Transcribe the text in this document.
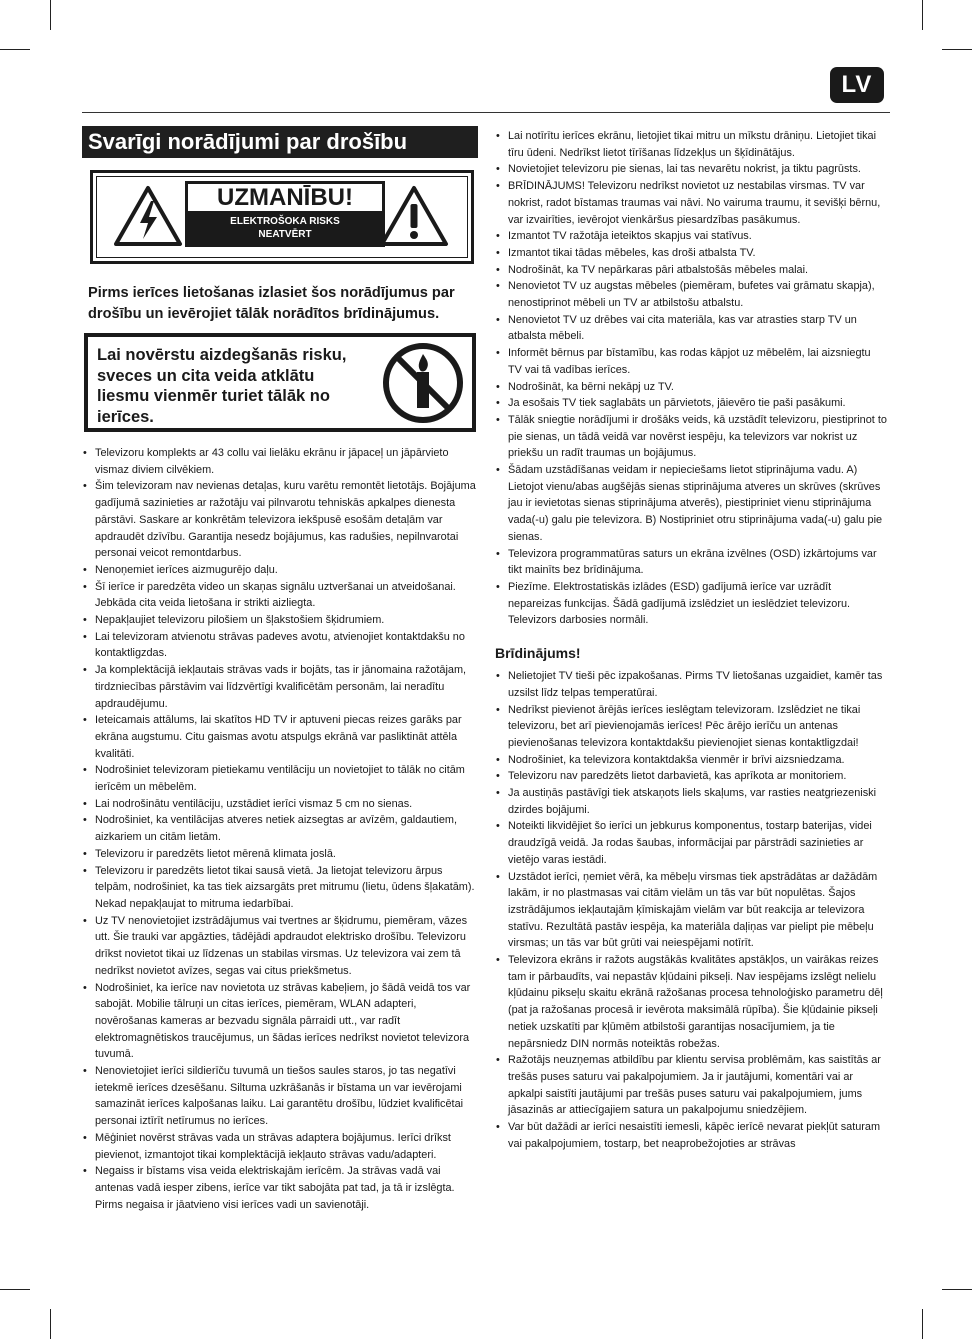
LV
Svarīgi norādījumi par drošību
UZMANĪBU!
ELEKTROŠOKA RISKS
NEATVĒRT

Pirms ierīces lietošanas izlasiet šos norādījumus par drošību un ievērojiet tālāk norādītos brīdinājumus.

Lai novērstu aizdegšanās risku, sveces un cita veida atklātu liesmu vienmēr turiet tālāk no ierīces.
• Televizoru komplekts ar 43 collu vai lielāku ekrānu ir jāpaceļ un jāpārvieto vismaz diviem cilvēkiem.
• Šim televizoram nav nevienas detaļas, kuru varētu remontēt lietotājs. Bojājuma gadījumā sazinieties ar ražotāju vai pilnvarotu tehniskās apkalpes dienesta pārstāvi. Saskare ar konkrētām televizora iekšpusē esošām detaļām var apdraudēt dzīvību. Garantija nesedz bojājumus, kas radušies, nepilnvarotai personai veicot remontdarbus.
• Nenoņemiet ierīces aizmugurējo daļu.
• Šī ierīce ir paredzēta video un skaņas signālu uztveršanai un atveidošanai. Jebkāda cita veida lietošana ir strikti aizliegta.
• Nepakļaujiet televizoru pilošiem un šļakstošiem šķidrumiem.
• Lai televizoram atvienotu strāvas padeves avotu, atvienojiet kontaktdakšu no kontaktligzdas.
• Ja komplektācijā iekļautais strāvas vads ir bojāts, tas ir jānomaina ražotājam, tirdzniecības pārstāvim vai līdzvērtīgi kvalificētām personām, lai neradītu apdraudējumu.
• Ieteicamais attālums, lai skatītos HD TV ir aptuveni piecas reizes garāks par ekrāna augstumu. Citu gaismas avotu atspulgs ekrānā var pasliktināt attēla kvalitāti.
• Nodrošiniet televizoram pietiekamu ventilāciju un novietojiet to tālāk no citām ierīcēm un mēbelēm.
• Lai nodrošinātu ventilāciju, uzstādiet ierīci vismaz 5 cm no sienas.
• Nodrošiniet, ka ventilācijas atveres netiek aizsegtas ar avīzēm, galdautiem, aizkariem un citām lietām.
• Televizoru ir paredzēts lietot mērenā klimata joslā.
• Televizoru ir paredzēts lietot tikai sausā vietā. Ja lietojat televizoru ārpus telpām, nodrošiniet, ka tas tiek aizsargāts pret mitrumu (lietu, ūdens šļakatām). Nekad nepakļaujat to mitruma iedarbībai.
• Uz TV nenovietojiet izstrādājumus vai tvertnes ar šķidrumu, piemēram, vāzes utt. Šie trauki var apgāzties, tādējādi apdraudot elektrisko drošību. Televizoru drīkst novietot tikai uz līdzenas un stabilas virsmas. Uz televizora vai zem tā nedrīkst novietot avīzes, segas vai citus priekšmetus.
• Nodrošiniet, ka ierīce nav novietota uz strāvas kabeļiem, jo šādā veidā tos var sabojāt. Mobilie tālruņi un citas ierīces, piemēram, WLAN adapteri, novērošanas kameras ar bezvadu signāla pārraidi utt., var radīt elektromagnētiskos traucējumus, un šādas ierīces nedrīkst novietot televizora tuvumā.
• Nenovietojiet ierīci sildierīču tuvumā un tiešos saules staros, jo tas negatīvi ietekmē ierīces dzesēšanu. Siltuma uzkrāšanās ir bīstama un var ievērojami samazināt ierīces kalpošanas laiku. Lai garantētu drošību, lūdziet kvalificētai personai iztīrīt netīrumus no ierīces.
• Mēģiniet novērst strāvas vada un strāvas adaptera bojājumus. Ierīci drīkst pievienot, izmantojot tikai komplektācijā iekļauto strāvas vadu/adapteri.
• Negaiss ir bīstams visa veida elektriskajām ierīcēm. Ja strāvas vadā vai antenas vadā iesper zibens, ierīce var tikt sabojāta pat tad, ja tā ir izslēgta. Pirms negaisa ir jāatvieno visi ierīces vadi un savienotāji.
• Lai notīrītu ierīces ekrānu, lietojiet tikai mitru un mīkstu drāniņu. Lietojiet tikai tīru ūdeni. Nedrīkst lietot tīrīšanas līdzekļus un šķīdinātājus.
• Novietojiet televizoru pie sienas, lai tas nevarētu nokrist, ja tiktu pagrūsts.
• BRĪDINĀJUMS! Televizoru nedrīkst novietot uz nestabilas virsmas. TV var nokrist, radot bīstamas traumas vai nāvi. No vairuma traumu, it sevišķi bērnu, var izvairīties, ievērojot vienkāršus piesardzības pasākumus.
• Izmantot TV ražotāja ieteiktos skapjus vai statīvus.
• Izmantot tikai tādas mēbeles, kas droši atbalsta TV.
• Nodrošināt, ka TV nepārkaras pāri atbalstošās mēbeles malai.
• Nenovietot TV uz augstas mēbeles (piemēram, bufetes vai grāmatu skapja), nenostiprinot mēbeli un TV ar atbilstošu atbalstu.
• Nenovietot TV uz drēbes vai cita materiāla, kas var atrasties starp TV un atbalsta mēbeli.
• Informēt bērnus par bīstamību, kas rodas kāpjot uz mēbelēm, lai aizsniegtu TV vai tā vadības ierīces.
• Nodrošināt, ka bērni nekāpj uz TV.
• Ja esošais TV tiek saglabāts un pārvietots, jāievēro tie paši pasākumi.
• Tālāk sniegtie norādījumi ir drošāks veids, kā uzstādīt televizoru, piestiprinot to pie sienas, un tādā veidā var novērst iespēju, ka televizors var nokrist uz priekšu un radīt traumas un bojājumus.
• Šādam uzstādīšanas veidam ir nepieciešams lietot stiprinājuma vadu. A) Lietojot vienu/abas augšējās sienas stiprinājuma atveres un skrūves (skrūves jau ir ievietotas sienas stiprinājuma atverēs), piestipriniet vienu stiprinājuma vada(-u) galu pie televizora. B) Nostipriniet otru stiprinājuma vada(-u) galu pie sienas.
• Televizora programmatūras saturs un ekrāna izvēlnes (OSD) izkārtojums var tikt mainīts bez brīdinājuma.
• Piezīme. Elektrostatiskās izlādes (ESD) gadījumā ierīce var uzrādīt nepareizas funkcijas. Šādā gadījumā izslēdziet un ieslēdziet televizoru. Televizors darbosies normāli.
Brīdinājums!
• Nelietojiet TV tieši pēc izpakošanas. Pirms TV lietošanas uzgaidiet, kamēr tas uzsilst līdz telpas temperatūrai.
• Nedrīkst pievienot ārējās ierīces ieslēgtam televizoram. Izslēdziet ne tikai televizoru, bet arī pievienojamās ierīces! Pēc ārējo ierīču un antenas pievienošanas televizora kontaktdakšu pievienojiet sienas kontaktligzdai!
• Nodrošiniet, ka televizora kontaktdakša vienmēr ir brīvi aizsniedzama.
• Televizoru nav paredzēts lietot darbavietā, kas aprīkota ar monitoriem.
• Ja austiņās pastāvīgi tiek atskaņots liels skaļums, var rasties neatgriezeniski dzirdes bojājumi.
• Noteikti likvidējiet šo ierīci un jebkurus komponentus, tostarp baterijas, videi draudzīgā veidā. Ja rodas šaubas, informācijai par pārstrādi sazinieties ar vietējo varas iestādi.
• Uzstādot ierīci, ņemiet vērā, ka mēbeļu virsmas tiek apstrādātas ar dažādām lakām, ir no plastmasas vai citām vielām un tās var būt nopulētas. Šajos izstrādājumos iekļautajām ķīmiskajām vielām var būt reakcija ar televizora statīvu. Rezultātā pastāv iespēja, ka materiāla daļiņas var pielipt pie mēbeļu virsmas; un tās var būt grūti vai neiespējami notīrīt.
• Televizora ekrāns ir ražots augstākās kvalitātes apstākļos, un vairākas reizes tam ir pārbaudīts, vai nepastāv kļūdaini pikseļi. Nav iespējams izslēgt nelielu kļūdainu pikseļu skaitu ekrānā ražošanas procesa tehnoloģisko parametru dēļ (pat ja ražošanas procesā ir ievērota maksimālā rūpība). Šie kļūdainie pikseļi netiek uzskatīti par kļūmēm atbilstoši garantijas nosacījumiem, ja tie nepārsniedz DIN normās noteiktās robežas.
• Ražotājs neuzņemas atbildību par klientu servisa problēmām, kas saistītās ar trešās puses saturu vai pakalpojumiem. Ja ir jautājumi, komentāri vai ar apkalpi saistīti jautājumi par trešās puses saturu vai pakalpojumiem, jums jāsazinās ar attiecīgajiem satura un pakalpojumu sniedzējiem.
• Var būt dažādi ar ierīci nesaistīti iemesli, kāpēc ierīcē nevarat piekļūt saturam vai pakalpojumiem, tostarp, bet neaprobežojoties ar strāvas
